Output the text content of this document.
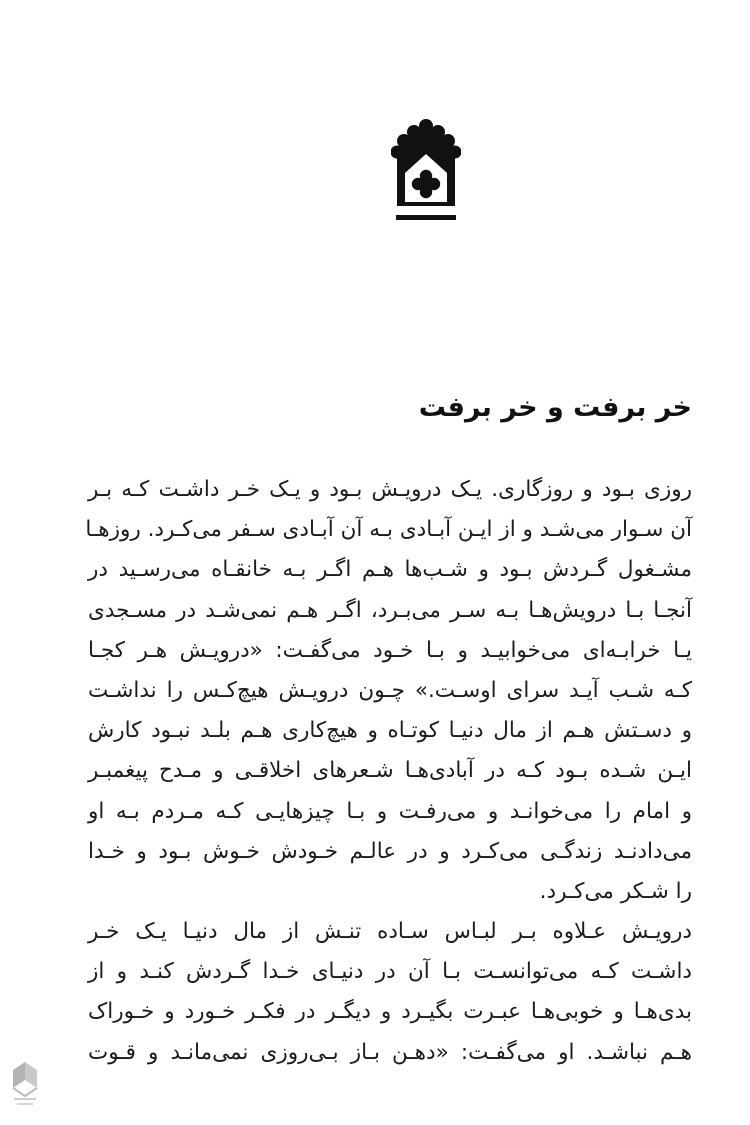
خر برفت و خر برفت
روزی بـود و روزگاری. یـک درویـش بـود و یـک خـر داشـت کـه بـر
آن سـوار می‌شـد و از ایـن آبـادی بـه آن آبـادی سـفر می‌کـرد. روزهـا
مشـغول گـردش بـود و شـب‌ها هـم اگـر بـه خانقـاه می‌رسـید در
آنجـا بـا درویش‌هـا بـه سـر می‌بـرد، اگـر هـم نمی‌شـد در مسـجدی
یـا خرابـه‌ای می‌خوابیـد و بـا خـود می‌گفـت: «درویـش هـر کجـا
کـه شـب آیـد سرای اوسـت.» چـون درویـش هیچ‌کـس را نداشـت
و دسـتش هـم از مال دنیـا کوتـاه و هیچ‌کاری هـم بلـد نبـود کارش
ایـن شـده بـود کـه در آبادی‌هـا شـعرهای اخلاقـی و مـدح پیغمبـر
و امام را می‌خوانـد و می‌رفـت و بـا چیزهایـی کـه مـردم بـه او
می‌دادنـد زندگـی می‌کـرد و در عالـم خـودش خـوش بـود و خـدا
را شـکر می‌کـرد.
درویـش عـلاوه بـر لبـاس سـاده تنـش از مال دنیـا یـک خـر
داشـت کـه می‌توانسـت بـا آن در دنیـای خـدا گـردش کنـد و از
بدی‌هـا و خوبی‌هـا عبـرت بگیـرد و دیگـر در فکـر خـورد و خـوراک
هـم نباشـد. او می‌گفـت: «دهـن بـاز بـی‌روزی نمی‌مانـد و قـوت
